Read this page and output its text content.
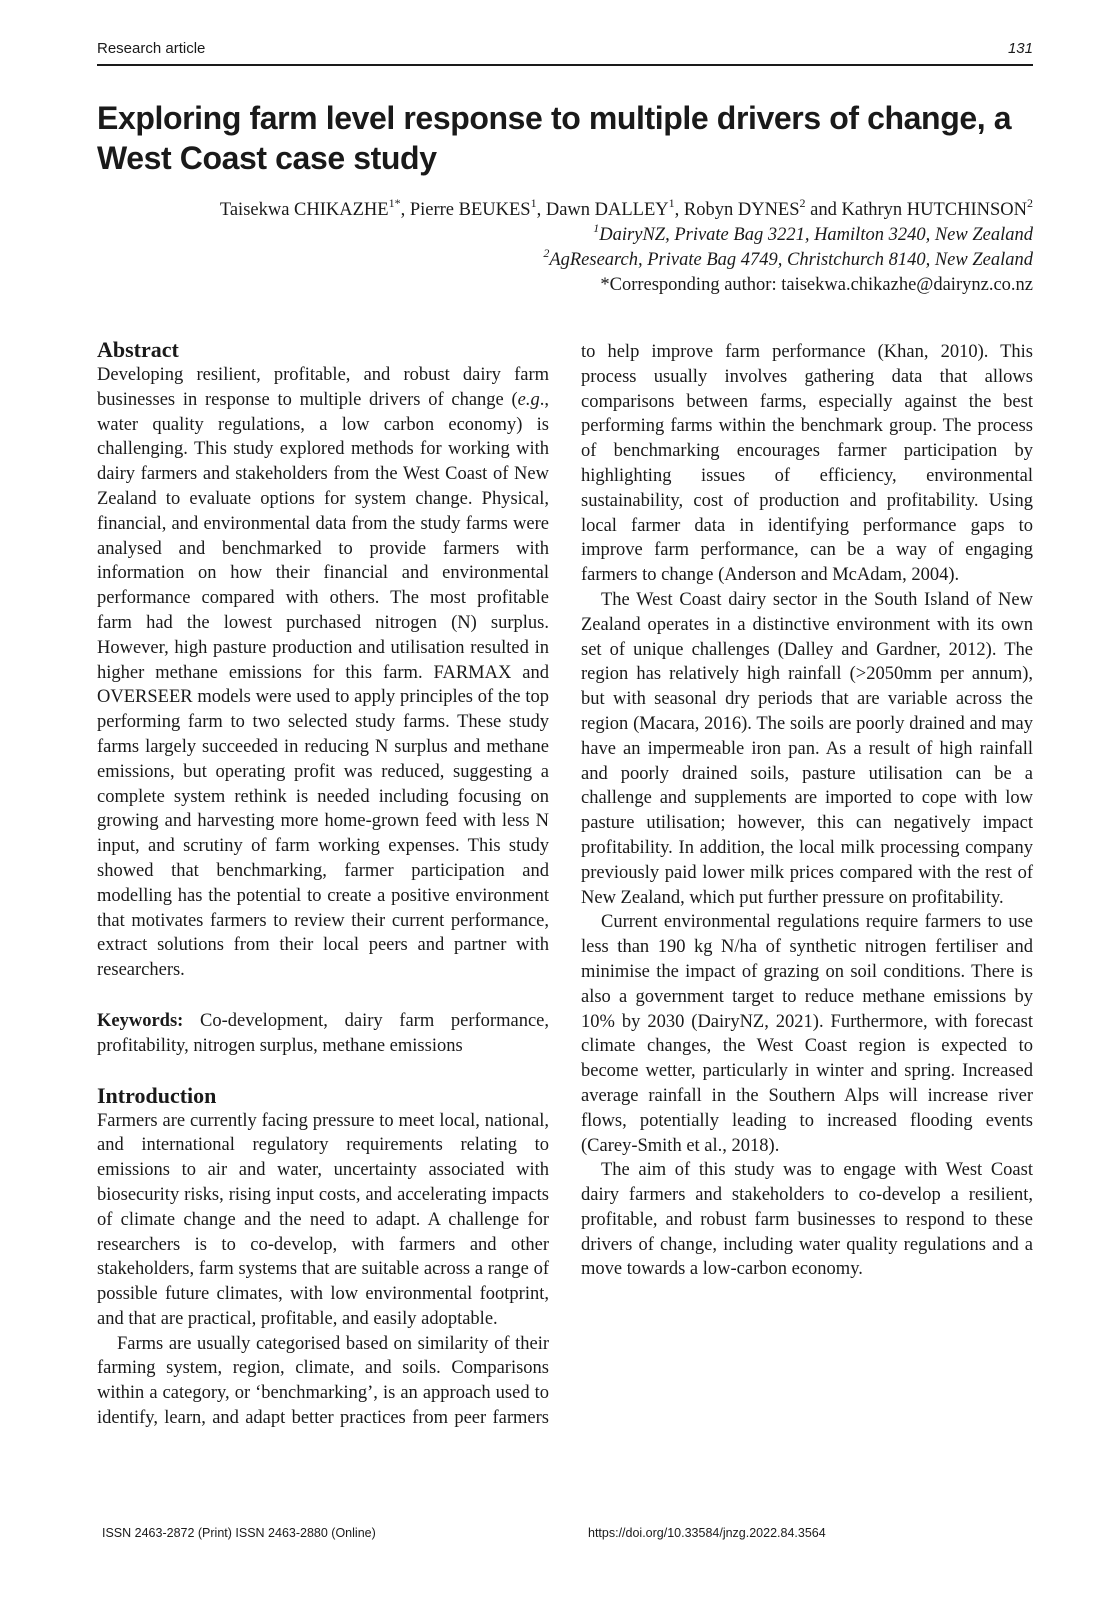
Research article	131
Exploring farm level response to multiple drivers of change, a West Coast case study
Taisekwa $CHIKAZHE^{1*}$, Pierre BEUKES$^1$, Dawn DALLEY$^1$, Robyn DYNES$^2$ and Kathryn HUTCHINSON$^2$
$^1$DairyNZ, Private Bag 3221, Hamilton 3240, New Zealand
$^2$AgResearch, Private Bag 4749, Christchurch 8140, New Zealand
*Corresponding author: taisekwa.chikazhe@dairynz.co.nz
Abstract

Developing resilient, profitable, and robust dairy farm businesses in response to multiple drivers of change (e.g., water quality regulations, a low carbon economy) is challenging. This study explored methods for working with dairy farmers and stakeholders from the West Coast of New Zealand to evaluate options for system change. Physical, financial, and environmental data from the study farms were analysed and benchmarked to provide farmers with information on how their financial and environmental performance compared with others. The most profitable farm had the lowest purchased nitrogen (N) surplus. However, high pasture production and utilisation resulted in higher methane emissions for this farm. FARMAX and OVERSEER models were used to apply principles of the top performing farm to two selected study farms. These study farms largely succeeded in reducing N surplus and methane emissions, but operating profit was reduced, suggesting a complete system rethink is needed including focusing on growing and harvesting more home-grown feed with less N input, and scrutiny of farm working expenses. This study showed that benchmarking, farmer participation and modelling has the potential to create a positive environment that motivates farmers to review their current performance, extract solutions from their local peers and partner with researchers.

Keywords: Co-development, dairy farm performance, profitability, nitrogen surplus, methane emissions

Introduction

Farmers are currently facing pressure to meet local, national, and international regulatory requirements relating to emissions to air and water, uncertainty associated with biosecurity risks, rising input costs, and accelerating impacts of climate change and the need to adapt. A challenge for researchers is to co-develop, with farmers and other stakeholders, farm systems that are suitable across a range of possible future climates, with low environmental footprint, and that are practical, profitable, and easily adoptable.

Farms are usually categorised based on similarity of their farming system, region, climate, and soils. Comparisons within a category, or ‘benchmarking’, is an approach used to identify, learn, and adapt better practices from peer farmers

to help improve farm performance (Khan, 2010). This process usually involves gathering data that allows comparisons between farms, especially against the best performing farms within the benchmark group. The process of benchmarking encourages farmer participation by highlighting issues of efficiency, environmental sustainability, cost of production and profitability. Using local farmer data in identifying performance gaps to improve farm performance, can be a way of engaging farmers to change (Anderson and McAdam, 2004).

The West Coast dairy sector in the South Island of New Zealand operates in a distinctive environment with its own set of unique challenges (Dalley and Gardner, 2012). The region has relatively high rainfall (>2050mm per annum), but with seasonal dry periods that are variable across the region (Macara, 2016). The soils are poorly drained and may have an impermeable iron pan. As a result of high rainfall and poorly drained soils, pasture utilisation can be a challenge and supplements are imported to cope with low pasture utilisation; however, this can negatively impact profitability. In addition, the local milk processing company previously paid lower milk prices compared with the rest of New Zealand, which put further pressure on profitability.

Current environmental regulations require farmers to use less than 190 kg N/ha of synthetic nitrogen fertiliser and minimise the impact of grazing on soil conditions. There is also a government target to reduce methane emissions by 10% by 2030 (DairyNZ, 2021). Furthermore, with forecast climate changes, the West Coast region is expected to become wetter, particularly in winter and spring. Increased average rainfall in the Southern Alps will increase river flows, potentially leading to increased flooding events (Carey-Smith et al., 2018).

The aim of this study was to engage with West Coast dairy farmers and stakeholders to co-develop a resilient, profitable, and robust farm businesses to respond to these drivers of change, including water quality regulations and a move towards a low-carbon economy.

ISSN 2463-2872 (Print) ISSN 2463-2880 (Online)	https://doi.org/10.33584/jnzg.2022.84.3564
